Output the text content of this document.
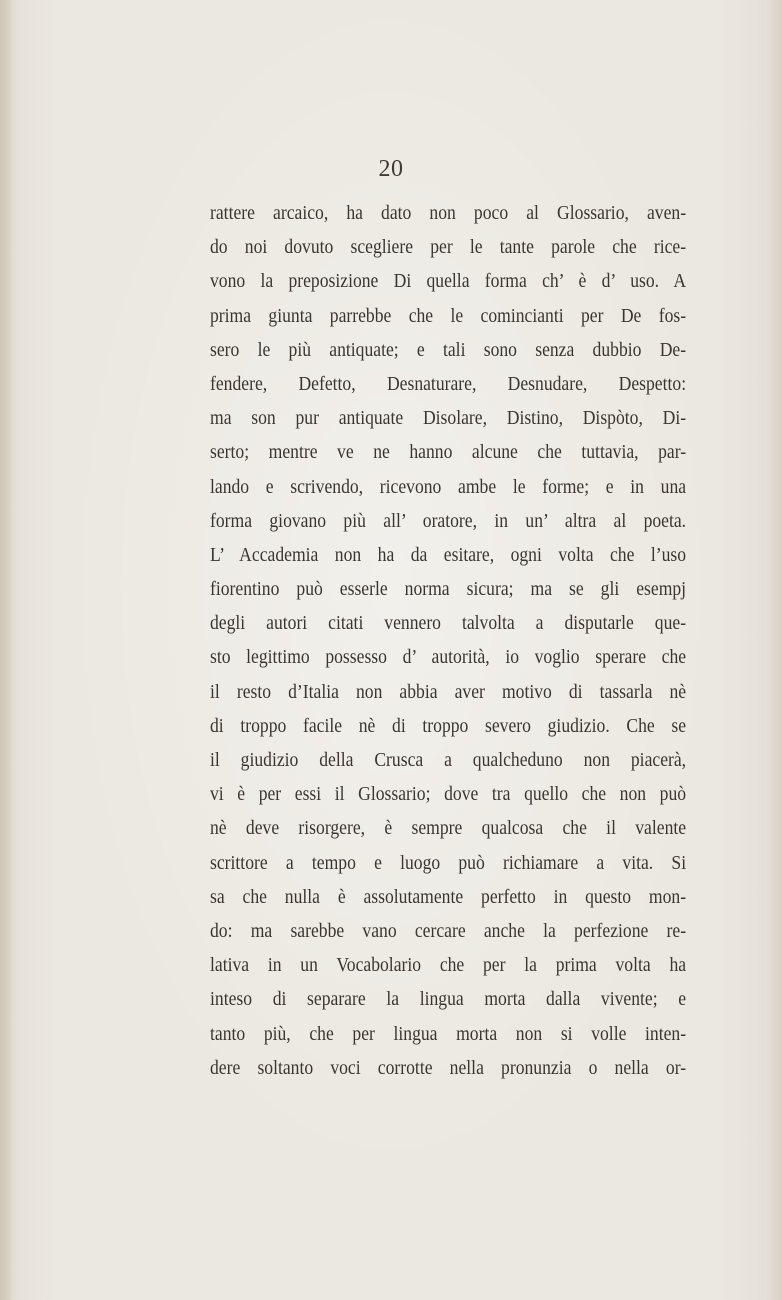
20
rattere arcaico, ha dato non poco al Glossario, aven-
do noi dovuto scegliere per le tante parole che rice-
vono la preposizione Di quella forma ch’ è d’ uso. A
prima giunta parrebbe che le comincianti per De fos-
sero le più antiquate; e tali sono senza dubbio De-
fendere, Defetto, Desnaturare, Desnudare, Despetto:
ma son pur antiquate Disolare, Distino, Dispòto, Di-
serto; mentre ve ne hanno alcune che tuttavia, par-
lando e scrivendo, ricevono ambe le forme; e in una
forma giovano più all’ oratore, in un’ altra al poeta.
L’ Accademia non ha da esitare, ogni volta che l’uso
fiorentino può esserle norma sicura; ma se gli esempj
degli autori citati vennero talvolta a disputarle que-
sto legittimo possesso d’ autorità, io voglio sperare che
il resto d’Italia non abbia aver motivo di tassarla nè
di troppo facile nè di troppo severo giudizio. Che se
il giudizio della Crusca a qualcheduno non piacerà,
vi è per essi il Glossario; dove tra quello che non può
nè deve risorgere, è sempre qualcosa che il valente
scrittore a tempo e luogo può richiamare a vita. Si
sa che nulla è assolutamente perfetto in questo mon-
do: ma sarebbe vano cercare anche la perfezione re-
lativa in un Vocabolario che per la prima volta ha
inteso di separare la lingua morta dalla vivente; e
tanto più, che per lingua morta non si volle inten-
dere soltanto voci corrotte nella pronunzia o nella or-
